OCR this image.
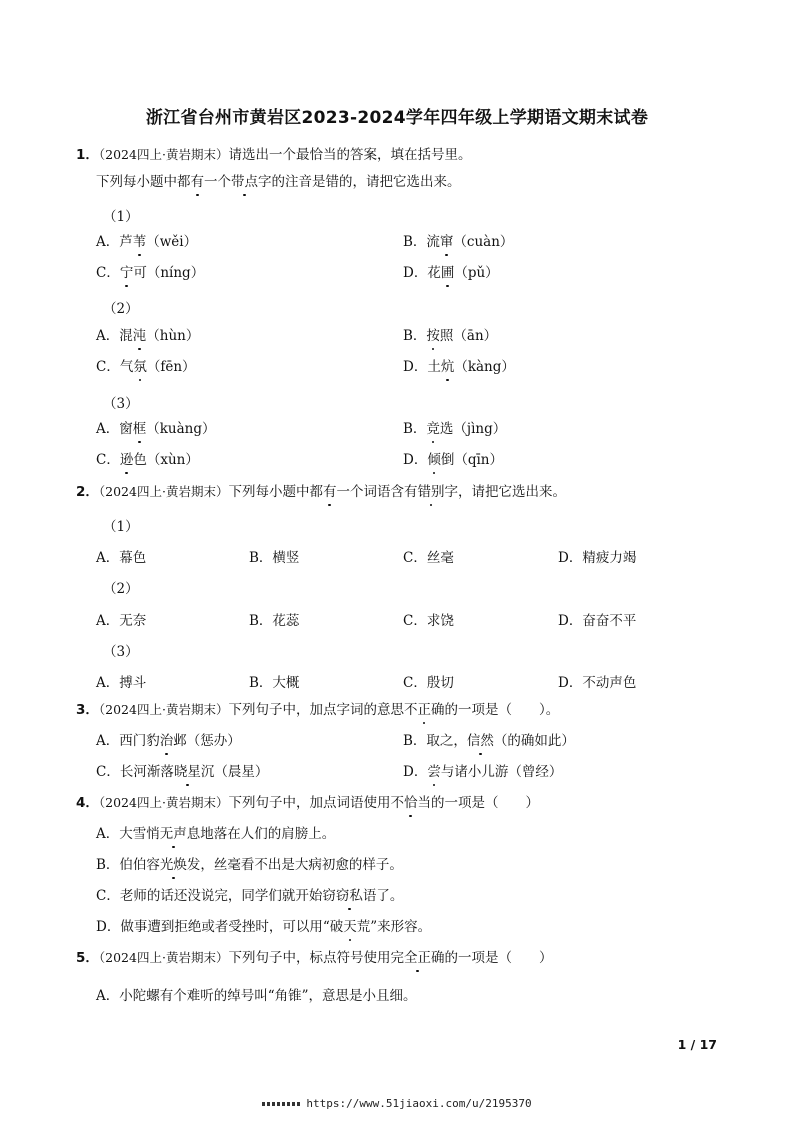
浙江省台州市黄岩区2023-2024学年四年级上学期语文期末试卷
1．（2024四上·黄岩期末）请选出一个最恰当的答案，填在括号里。
下列每小题中都有一个带点字的注音是错的，请把它选出来。
（1）
A．芦苇（wěi）	B．流窜（cuàn）
C．宁可（níng）	D．花圃（pǔ）
（2）
A．混沌（hùn）	B．按照（ān）
C．气氛（fēn）	D．土炕（kàng）
（3）
A．窗框（kuàng）	B．竞选（jìng）
C．逊色（xùn）	D．倾倒（qīn）
2．（2024四上·黄岩期末）下列每小题中都有一个词语含有错别字，请把它选出来。
（1）
A．幕色	B．横竖	C．丝毫	D．精疲力竭
（2）
A．无奈	B．花蕊	C．求饶	D．奋奋不平
（3）
A．搏斗	B．大概	C．殷切	D．不动声色
3．（2024四上·黄岩期末）下列句子中，加点字词的意思不正确的一项是（　　）。
A．西门豹治邺（惩办）	B．取之，信然（的确如此）
C．长河渐落晓星沉（晨星）	D．尝与诸小儿游（曾经）
4．（2024四上·黄岩期末）下列句子中，加点词语使用不恰当的一项是（　　）
A．大雪悄无声息地落在人们的肩膀上。
B．伯伯容光焕发，丝毫看不出是大病初愈的样子。
C．老师的话还没说完，同学们就开始窃窃私语了。
D．做事遭到拒绝或者受挫时，可以用“破天荒”来形容。
5．（2024四上·黄岩期末）下列句子中，标点符号使用完全正确的一项是（　　）
A．小陀螺有个难听的绰号叫“角锥”，意思是小且细。
1 / 17
https://www.51jiaoxi.com/u/2195370
